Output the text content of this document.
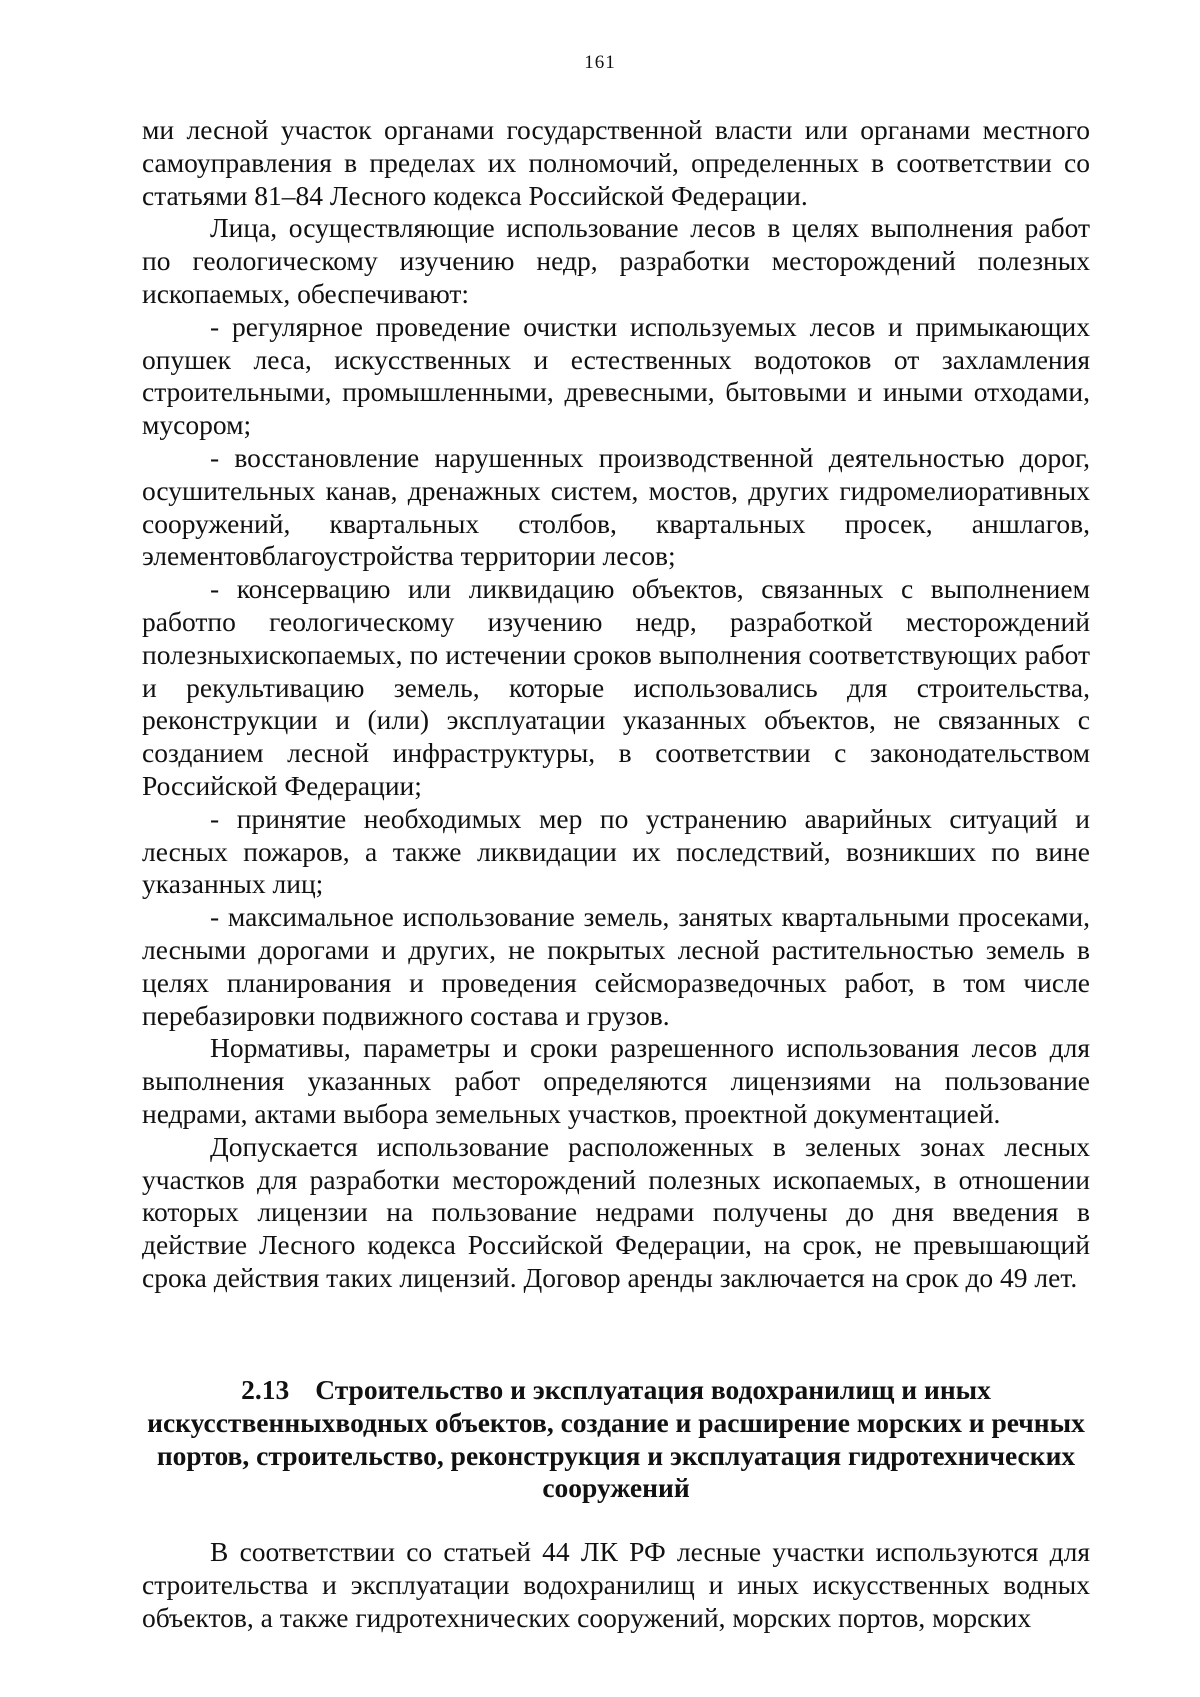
161

ми лесной участок органами государственной власти или органами местного самоуправления в пределах их полномочий, определенных в соответствии со статьями 81–84 Лесного кодекса Российской Федерации.

Лица, осуществляющие использование лесов в целях выполнения работ по геологическому изучению недр, разработки месторождений полезных ископаемых, обеспечивают:

- регулярное проведение очистки используемых лесов и примыкающих опушек леса, искусственных и естественных водотоков от захламления строительными, промышленными, древесными, бытовыми и иными отходами, мусором;

- восстановление нарушенных производственной деятельностью дорог, осушительных канав, дренажных систем, мостов, других гидромелиоративных сооружений, квартальных столбов, квартальных просек, аншлагов, элементовблагоустройства территории лесов;

- консервацию или ликвидацию объектов, связанных с выполнением работпо геологическому изучению недр, разработкой месторождений полезныхископаемых, по истечении сроков выполнения соответствующих работ и рекультивацию земель, которые использовались для строительства, реконструкции и (или) эксплуатации указанных объектов, не связанных с созданием лесной инфраструктуры, в соответствии с законодательством Российской Федерации;

- принятие необходимых мер по устранению аварийных ситуаций и лесных пожаров, а также ликвидации их последствий, возникших по вине указанных лиц;

- максимальное использование земель, занятых квартальными просеками, лесными дорогами и других, не покрытых лесной растительностью земель в целях планирования и проведения сейсморазведочных работ, в том числе перебазировки подвижного состава и грузов.

Нормативы, параметры и сроки разрешенного использования лесов для выполнения указанных работ определяются лицензиями на пользование недрами, актами выбора земельных участков, проектной документацией.

Допускается использование расположенных в зеленых зонах лесных участков для разработки месторождений полезных ископаемых, в отношении которых лицензии на пользование недрами получены до дня введения в действие Лесного кодекса Российской Федерации, на срок, не превышающий срока действия таких лицензий. Договор аренды заключается на срок до 49 лет.

2.13 Строительство и эксплуатация водохранилищ и иных искусственныхводных объектов, создание и расширение морских и речных портов, строительство, реконструкция и эксплуатация гидротехнических сооружений

В соответствии со статьей 44 ЛК РФ лесные участки используются для строительства и эксплуатации водохранилищ и иных искусственных водных объектов, а также гидротехнических сооружений, морских портов, морских
